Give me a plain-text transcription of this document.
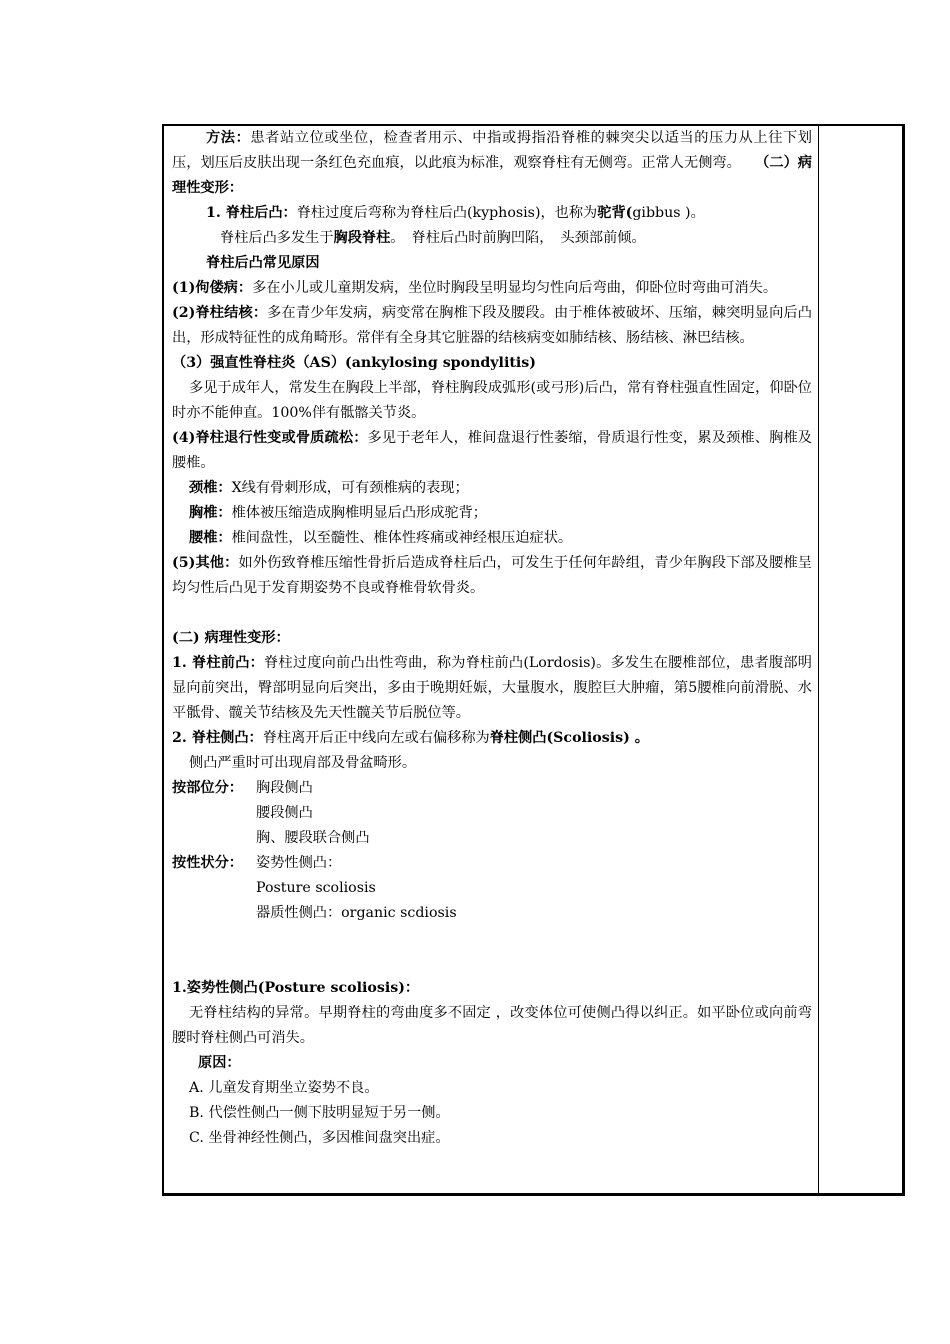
方法：患者站立位或坐位，检查者用示、中指或拇指沿脊椎的棘突尖以适当的压力从上往下划压，划压后皮肤出现一条红色充血痕，以此痕为标准，观察脊柱有无侧弯。正常人无侧弯。　　 （二）病理性变形：

1. 脊柱后凸：脊柱过度后弯称为脊柱后凸(kyphosis)，也称为驼背(gibbus )。

脊柱后凸多发生于胸段脊柱。　脊柱后凸时前胸凹陷，　头颈部前倾。

脊柱后凸常见原因

(1)佝偻病：多在小儿或儿童期发病，坐位时胸段呈明显均匀性向后弯曲，仰卧位时弯曲可消失。

(2)脊柱结核：多在青少年发病，病变常在胸椎下段及腰段。由于椎体被破坏、压缩，棘突明显向后凸出，形成特征性的成角畸形。常伴有全身其它脏器的结核病变如肺结核、肠结核、淋巴结核。

（3）强直性脊柱炎（AS）(ankylosing spondylitis)

多见于成年人，常发生在胸段上半部，脊柱胸段成弧形(或弓形)后凸，常有脊柱强直性固定，仰卧位时亦不能伸直。100%伴有骶髂关节炎。

(4)脊柱退行性变或骨质疏松：多见于老年人，椎间盘退行性萎缩，骨质退行性变，累及颈椎、胸椎及腰椎。

颈椎：X线有骨刺形成，可有颈椎病的表现；

胸椎：椎体被压缩造成胸椎明显后凸形成驼背；

腰椎：椎间盘性，以至髓性、椎体性疼痛或神经根压迫症状。

(5)其他：如外伤致脊椎压缩性骨折后造成脊柱后凸，可发生于任何年龄组，青少年胸段下部及腰椎呈均匀性后凸见于发育期姿势不良或脊椎骨软骨炎。

(二) 病理性变形：

1. 脊柱前凸：脊柱过度向前凸出性弯曲，称为脊柱前凸(Lordosis)。多发生在腰椎部位，患者腹部明显向前突出，臀部明显向后突出，多由于晚期妊娠，大量腹水，腹腔巨大肿瘤，第5腰椎向前滑脱、水平骶骨、髋关节结核及先天性髋关节后脱位等。

2. 脊柱侧凸：脊柱离开后正中线向左或右偏移称为脊柱侧凸(Scoliosis) 。

侧凸严重时可出现肩部及骨盆畸形。

按部位分： 胸段侧凸
腰段侧凸
胸、腰段联合侧凸
按性状分： 姿势性侧凸：
Posture scoliosis
器质性侧凸：organic scdiosis

1.姿势性侧凸(Posture scoliosis)：

无脊柱结构的异常。早期脊柱的弯曲度多不固定 ，改变体位可使侧凸得以纠正。如平卧位或向前弯腰时脊柱侧凸可消失。

原因：

A. 儿童发育期坐立姿势不良。

B. 代偿性侧凸一侧下肢明显短于另一侧。

C. 坐骨神经性侧凸，多因椎间盘突出症。
